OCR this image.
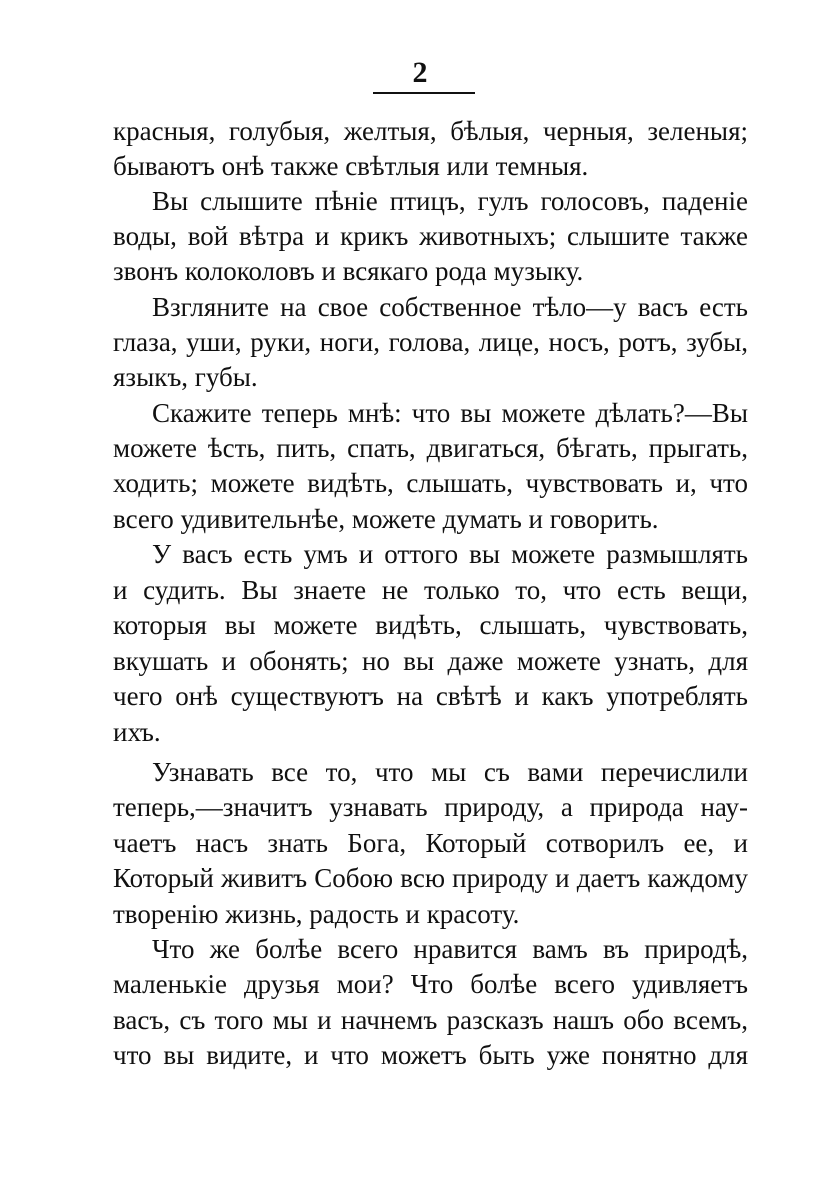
2
красныя, голубыя, желтыя, бѣлыя, черныя, зеленыя;
бываютъ онѣ также свѣтлыя или темныя.
Вы слышите пѣніе птицъ, гулъ голосовъ, паденіе
воды, вой вѣтра и крикъ животныхъ; слышите также
звонъ колоколовъ и всякаго рода музыку.
Взгляните на свое собственное тѣло—у васъ есть
глаза, уши, руки, ноги, голова, лице, носъ, ротъ, зубы,
языкъ, губы.
Скажите теперь мнѣ: что вы можете дѣлать?—Вы
можете ѣсть, пить, спать, двигаться, бѣгать, прыгать,
ходить; можете видѣть, слышать, чувствовать и, что
всего удивительнѣе, можете думать и говорить.
У васъ есть умъ и оттого вы можете размышлять
и судить. Вы знаете не только то, что есть вещи,
которыя вы можете видѣть, слышать, чувствовать,
вкушать и обонять; но вы даже можете узнать, для
чего онѣ существуютъ на свѣтѣ и какъ употреблять
ихъ.
Узнавать все то, что мы съ вами перечислили
теперь,—значитъ узнавать природу, а природа нау-
чаетъ насъ знать Бога, Который сотворилъ ее, и
Который живитъ Собою всю природу и даетъ каждому
творенію жизнь, радость и красоту.
Что же болѣе всего нравится вамъ въ природѣ,
маленькіе друзья мои? Что болѣе всего удивляетъ
васъ, съ того мы и начнемъ разсказъ нашъ обо всемъ,
что вы видите, и что можетъ быть уже понятно для
